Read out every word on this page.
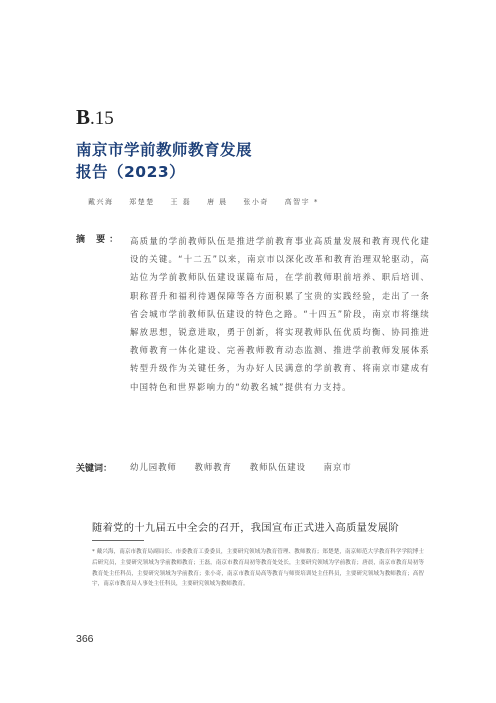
B.15
南京市学前教师教育发展
报告（2023）
戴兴海 郑楚楚 王 磊 唐 晨 张小奇 高智宇 *
摘 要： 高质量的学前教师队伍是推进学前教育事业高质量发展和教育现代化建设的关键。“十二五”以来，南京市以深化改革和教育治理双轮驱动，高站位为学前教师队伍建设谋篇布局，在学前教师职前培养、职后培训、职称晋升和福利待遇保障等各方面积累了宝贵的实践经验，走出了一条省会城市学前教师队伍建设的特色之路。“十四五”阶段，南京市将继续解放思想，锐意进取，勇于创新，将实现教师队伍优质均衡、协同推进教师教育一体化建设、完善教师教育动态监测、推进学前教师发展体系转型升级作为关键任务，为办好人民满意的学前教育、将南京市建成有中国特色和世界影响力的“幼教名城”提供有力支持。
关键词： 幼儿园教师 教师教育 教师队伍建设 南京市
随着党的十九届五中全会的召开，我国宣布正式进入高质量发展阶
* 戴兴海，南京市教育局副局长、市委教育工委委员，主要研究领域为教育管理、教师教育；郑楚楚，南京师范大学教育科学学院博士后研究员，主要研究领域为学前教师教育；王磊，南京市教育局初等教育处处长，主要研究领域为学前教育；唐晨，南京市教育局初等教育处主任科员，主要研究领域为学前教育；张小奇，南京市教育局高等教育与师资培训处主任科员，主要研究领域为教师教育；高智宇，南京市教育局人事处主任科员，主要研究领域为教师教育。
366
